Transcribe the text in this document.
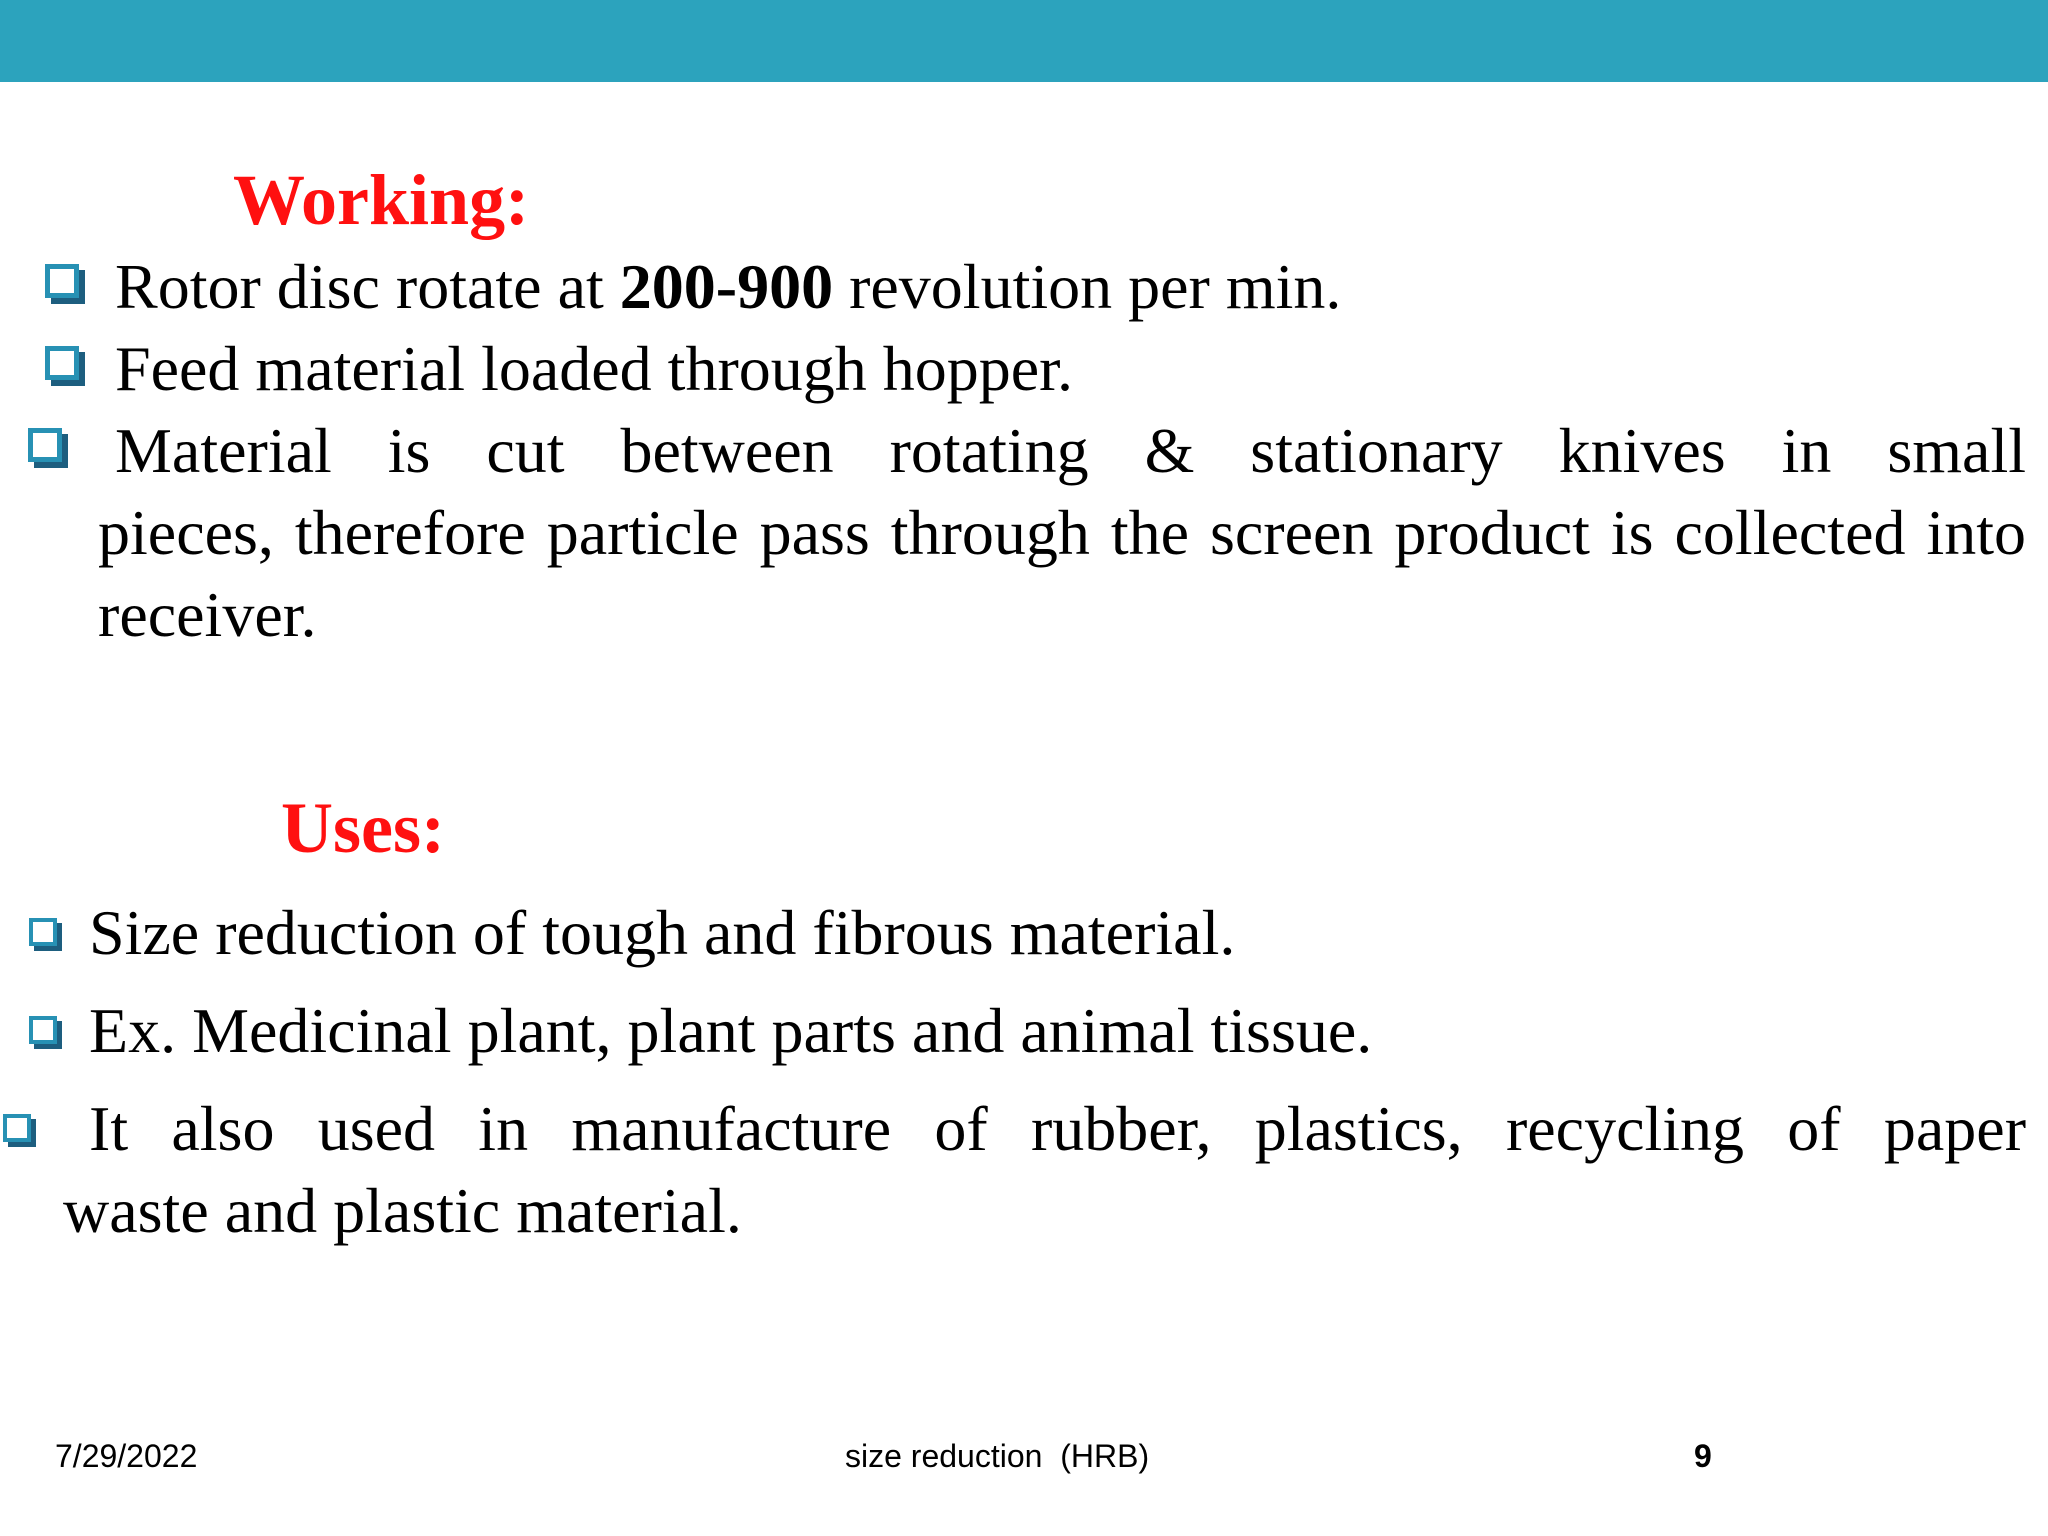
Working:
Rotor disc rotate at 200-900 revolution per min.
Feed material loaded through hopper.
Material is cut between rotating & stationary knives in small
pieces, therefore particle pass through the screen product is collected into receiver.
Uses:
Size reduction of tough and fibrous material.
Ex. Medicinal plant, plant parts and animal tissue.
It also used in manufacture of rubber, plastics, recycling of paper
waste and plastic material.
7/29/2022	size reduction  (HRB)	9
